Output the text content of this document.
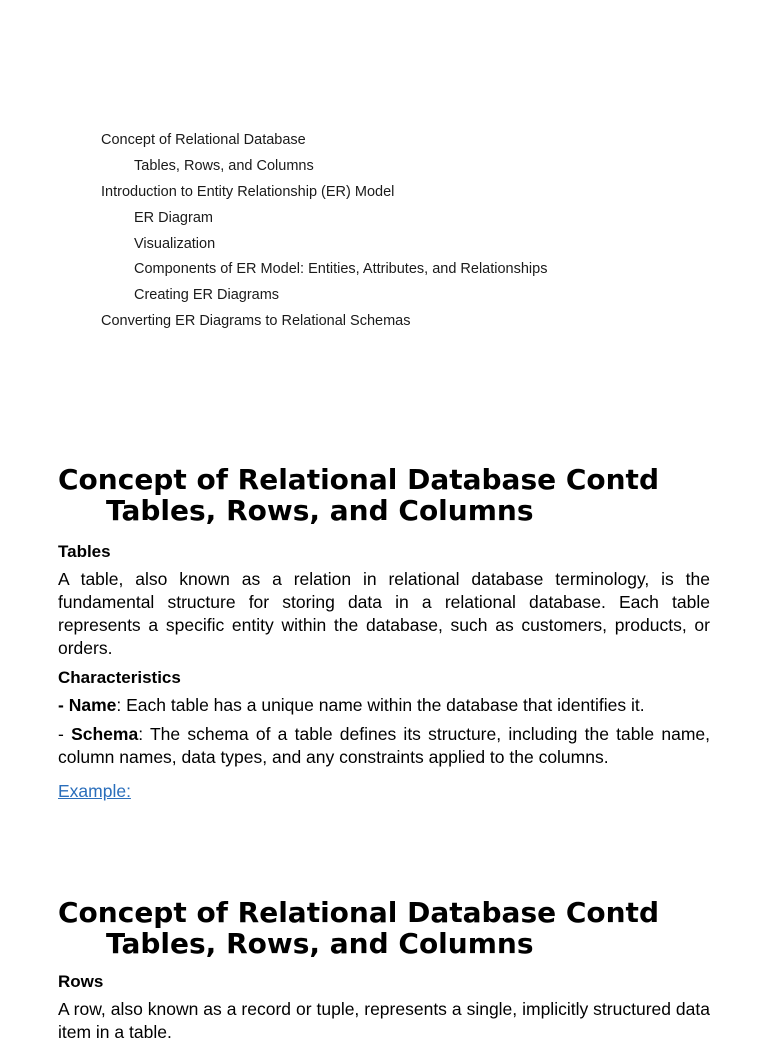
Concept of Relational Database
Tables, Rows, and Columns
Introduction to Entity Relationship (ER) Model
ER Diagram
Visualization
Components of ER Model: Entities, Attributes, and Relationships
Creating ER Diagrams
Converting ER Diagrams to Relational Schemas
Concept of Relational Database Contd
Tables, Rows, and Columns
Tables

A table, also known as a relation in relational database terminology, is the fundamental structure for storing data in a relational database. Each table represents a specific entity within the database, such as customers, products, or orders.

Characteristics

- Name: Each table has a unique name within the database that identifies it.

- Schema: The schema of a table defines its structure, including the table name, column names, data types, and any constraints applied to the columns.

Example:
Concept of Relational Database Contd
Tables, Rows, and Columns
Rows

A row, also known as a record or tuple, represents a single, implicitly structured data item in a table.
